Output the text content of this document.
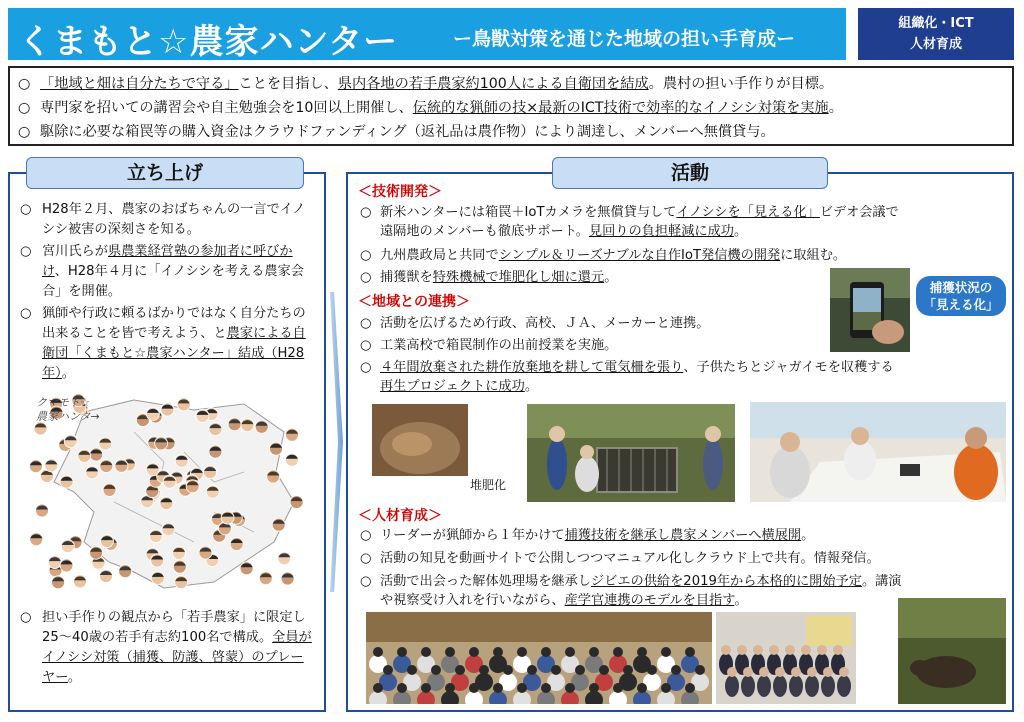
くまもと☆農家ハンター	ー鳥獣対策を通じた地域の担い手育成ー
組織化・ICT
人材育成
○ 「地域と畑は自分たちで守る」ことを目指し、県内各地の若手農家約100人による自衛団を結成。農村の担い手作りが目標。
○ 専門家を招いての講習会や自主勉強会を10回以上開催し、伝統的な猟師の技×最新のICT技術で効率的なイノシシ対策を実施。
○ 駆除に必要な箱罠等の購入資金はクラウドファンディング（返礼品は農作物）により調達し、メンバーへ無償貸与。
立ち上げ	活動
○ H28年２月、農家のおばちゃんの一言でイノシシ被害の深刻さを知る。
○ 宮川氏らが県農業経営塾の参加者に呼びかけ、H28年４月に「イノシシを考える農家会合」を開催。
○ 猟師や行政に頼るばかりではなく自分たちの出来ることを皆で考えよう、と農家による自衛団「くまもと☆農家ハンター」結成（H28年）。
クマモト☆
農家ハンタ→
○ 担い手作りの観点から「若手農家」に限定し25～40歳の若手有志約100名で構成。全員がイノシシ対策（捕獲、防護、啓蒙）のプレーヤー。
＜技術開発＞
○ 新米ハンターには箱罠＋IoTカメラを無償貸与してイノシシを「見える化」ビデオ会議で
遠隔地のメンバーも徹底サポート。見回りの負担軽減に成功。
○ 九州農政局と共同でシンプル＆リーズナブルな自作IoT発信機の開発に取組む。
○ 捕獲獣を特殊機械で堆肥化し畑に還元。
捕獲状況の
「見える化」
＜地域との連携＞
○ 活動を広げるため行政、高校、ＪＡ、メーカーと連携。
○ 工業高校で箱罠制作の出前授業を実施。
○ ４年間放棄された耕作放棄地を耕して電気柵を張り、子供たちとジャガイモを収穫する
再生プロジェクトに成功。
堆肥化
＜人材育成＞
○ リーダーが猟師から１年かけて捕獲技術を継承し農家メンバーへ横展開。
○ 活動の知見を動画サイトで公開しつつマニュアル化しクラウド上で共有。情報発信。
○ 活動で出会った解体処理場を継承しジビエの供給を2019年から本格的に開始予定。講演
や視察受け入れを行いながら、産学官連携のモデルを目指す。
